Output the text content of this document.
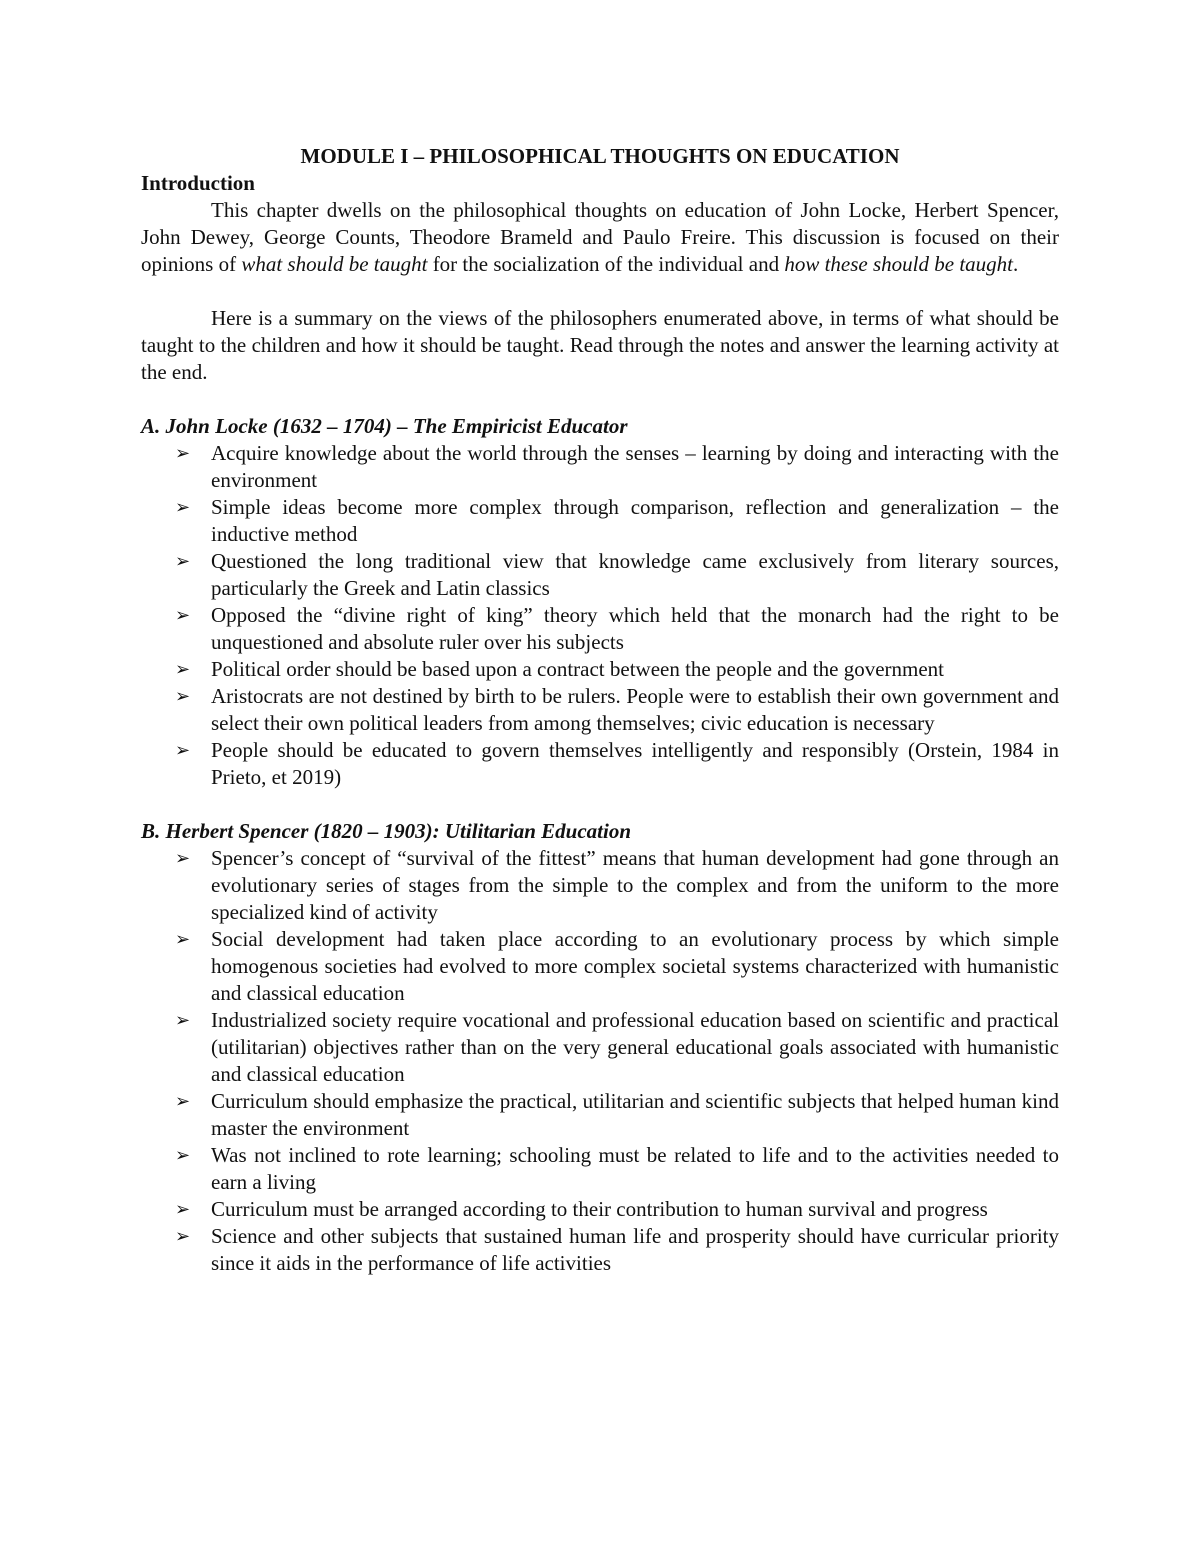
MODULE I – PHILOSOPHICAL THOUGHTS ON EDUCATION

Introduction

This chapter dwells on the philosophical thoughts on education of John Locke, Herbert Spencer, John Dewey, George Counts, Theodore Brameld and Paulo Freire. This discussion is focused on their opinions of what should be taught for the socialization of the individual and how these should be taught.

Here is a summary on the views of the philosophers enumerated above, in terms of what should be taught to the children and how it should be taught. Read through the notes and answer the learning activity at the end.

A. John Locke (1632 – 1704) – The Empiricist Educator

➢ Acquire knowledge about the world through the senses – learning by doing and interacting with the environment
➢ Simple ideas become more complex through comparison, reflection and generalization – the inductive method
➢ Questioned the long traditional view that knowledge came exclusively from literary sources, particularly the Greek and Latin classics
➢ Opposed the “divine right of king” theory which held that the monarch had the right to be unquestioned and absolute ruler over his subjects
➢ Political order should be based upon a contract between the people and the government
➢ Aristocrats are not destined by birth to be rulers. People were to establish their own government and select their own political leaders from among themselves; civic education is necessary
➢ People should be educated to govern themselves intelligently and responsibly (Orstein, 1984 in Prieto, et 2019)

B. Herbert Spencer (1820 – 1903): Utilitarian Education

➢ Spencer’s concept of “survival of the fittest” means that human development had gone through an evolutionary series of stages from the simple to the complex and from the uniform to the more specialized kind of activity
➢ Social development had taken place according to an evolutionary process by which simple homogenous societies had evolved to more complex societal systems characterized with humanistic and classical education
➢ Industrialized society require vocational and professional education based on scientific and practical (utilitarian) objectives rather than on the very general educational goals associated with humanistic and classical education
➢ Curriculum should emphasize the practical, utilitarian and scientific subjects that helped human kind master the environment
➢ Was not inclined to rote learning; schooling must be related to life and to the activities needed to earn a living
➢ Curriculum must be arranged according to their contribution to human survival and progress
➢ Science and other subjects that sustained human life and prosperity should have curricular priority since it aids in the performance of life activities
